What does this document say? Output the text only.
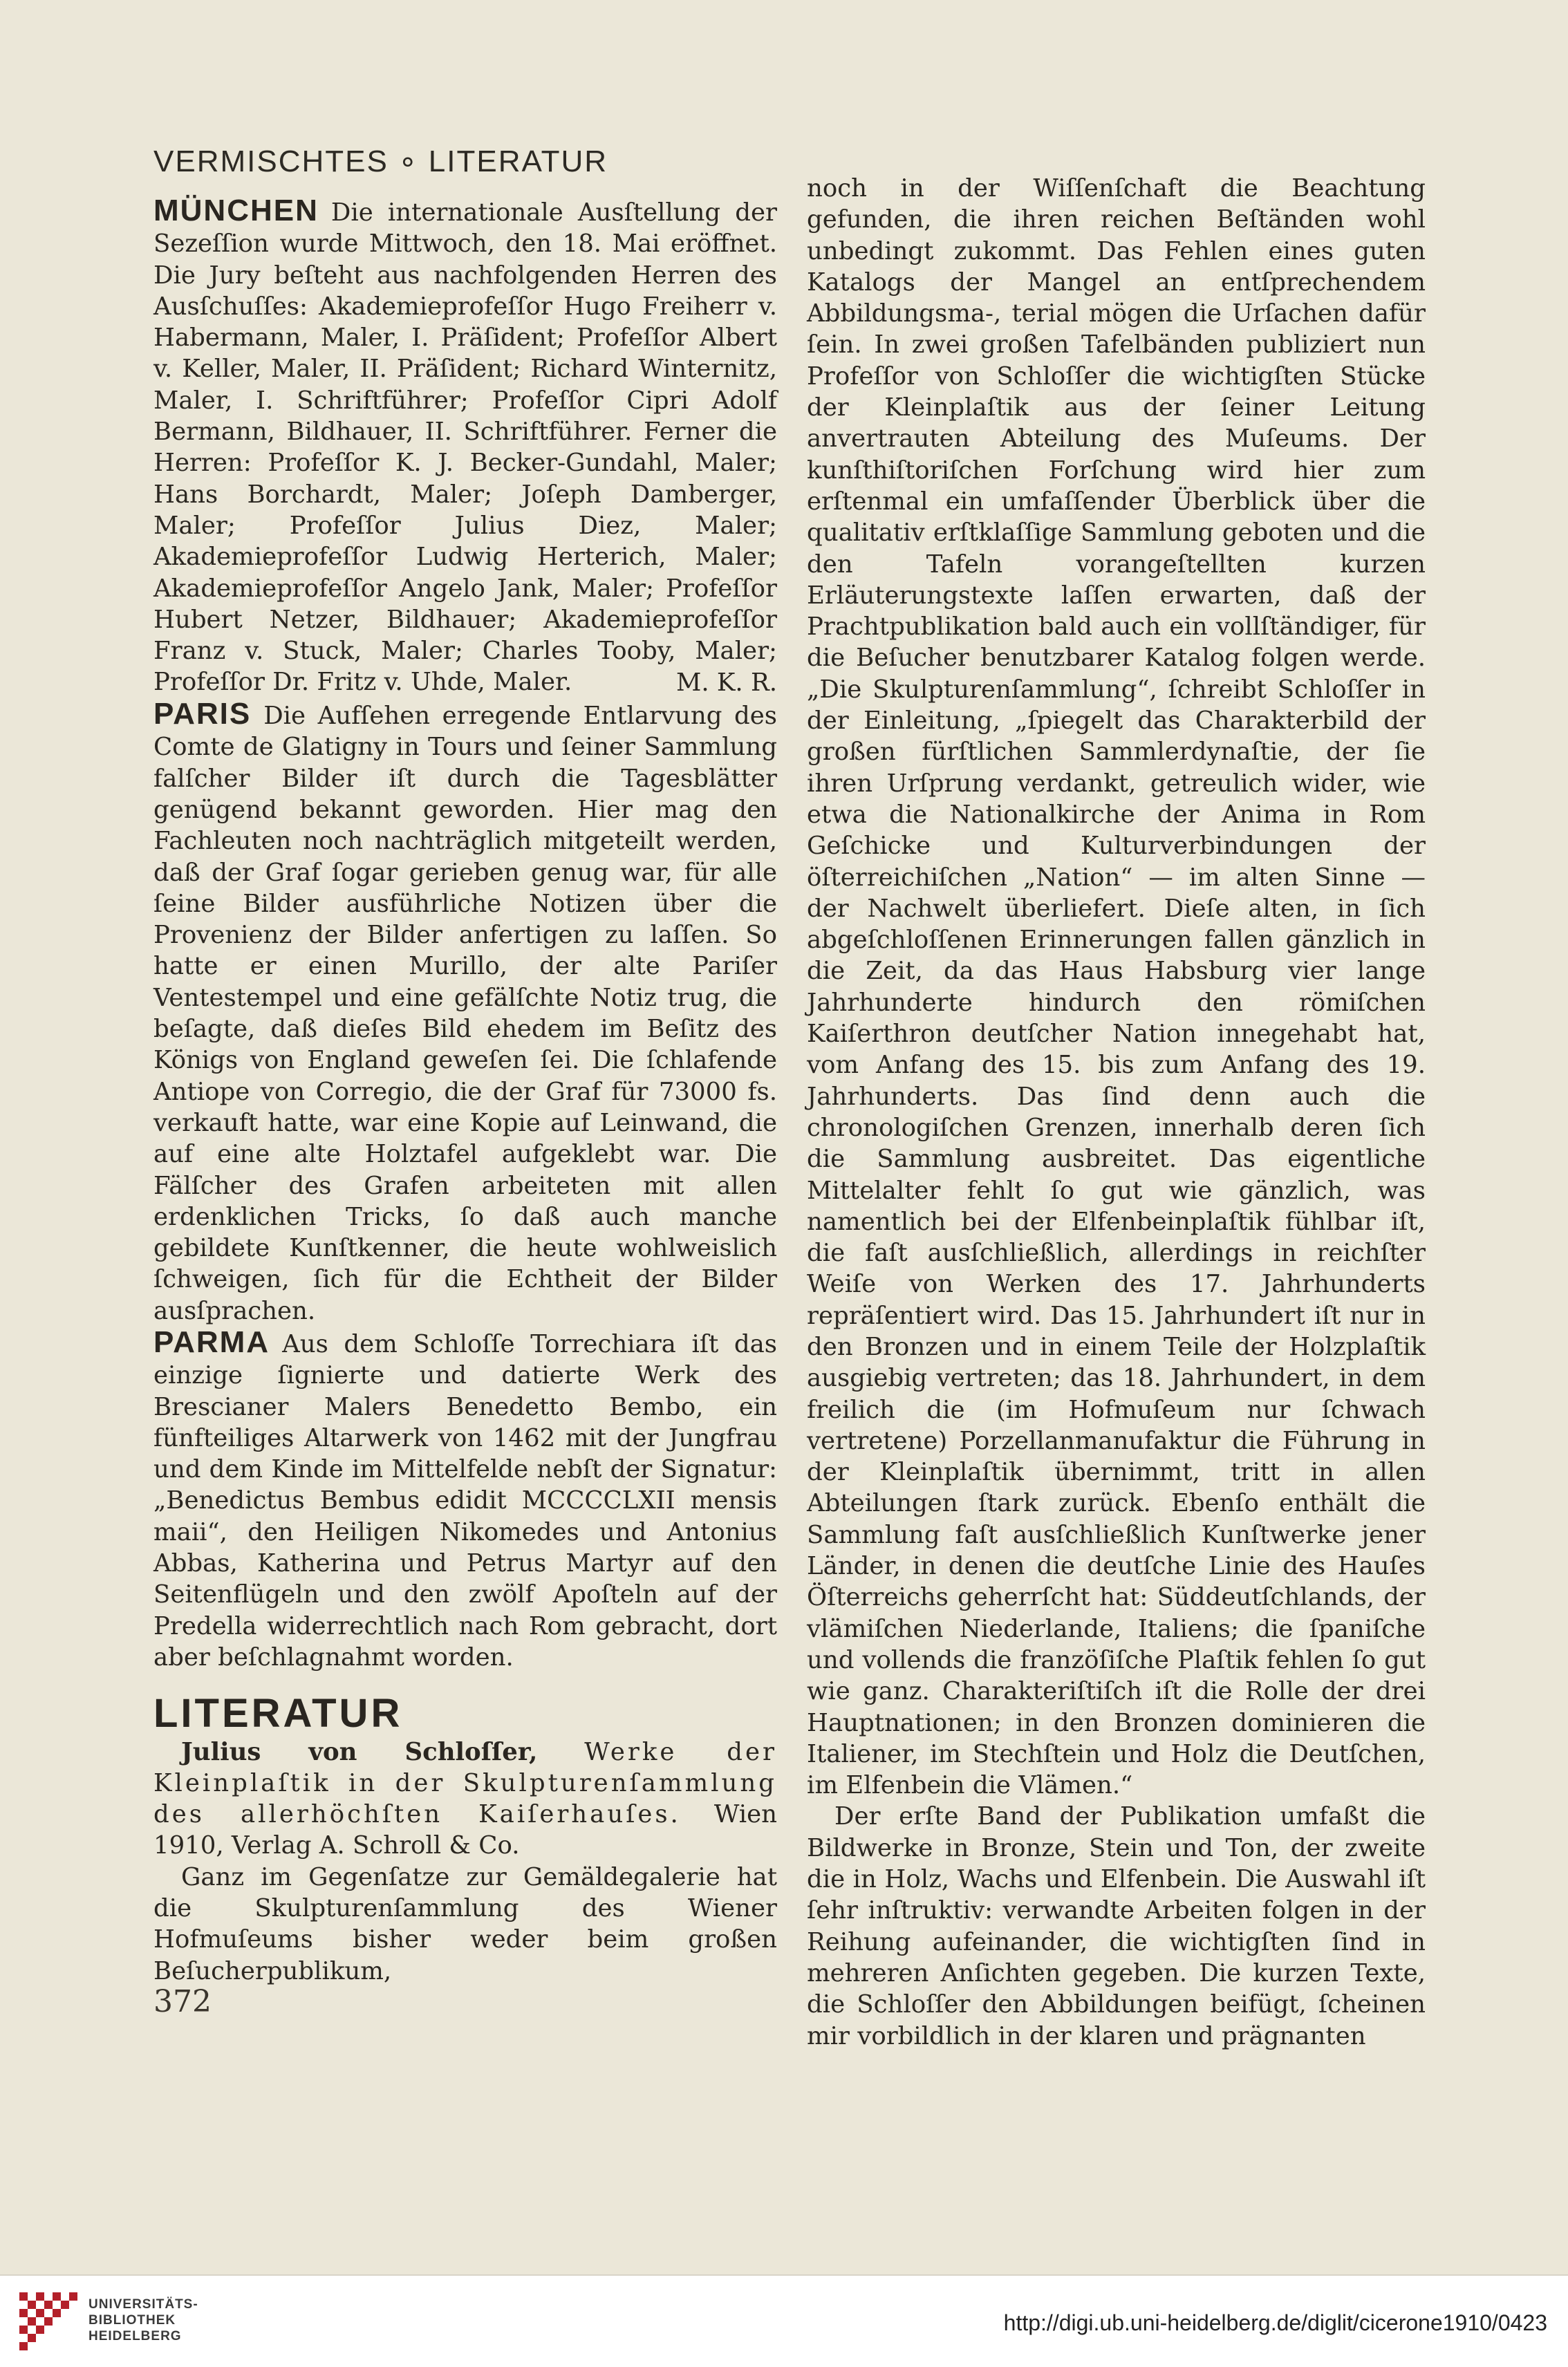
VERMISCHTES ∘ LITERATUR

MÜNCHEN Die internationale Ausſtellung der Sezeſſion wurde Mittwoch, den 18. Mai eröffnet. Die Jury beſteht aus nachfolgenden Herren des Ausſchuſſes: Akademieprofeſſor Hugo Freiherr v. Habermann, Maler, I. Präſident; Profeſſor Albert v. Keller, Maler, II. Präſident; Richard Winternitz, Maler, I. Schriftführer; Profeſſor Cipri Adolf Bermann, Bildhauer, II. Schriftführer. Ferner die Herren: Profeſſor K. J. Becker-Gundahl, Maler; Hans Borchardt, Maler; Joſeph Damberger, Maler; Profeſſor Julius Diez, Maler; Akademieprofeſſor Ludwig Herterich, Maler; Akademieprofeſſor Angelo Jank, Maler; Profeſſor Hubert Netzer, Bildhauer; Akademieprofeſſor Franz v. Stuck, Maler; Charles Tooby, Maler; Profeſſor Dr. Fritz v. Uhde, Maler.	M. K. R.

PARIS Die Aufſehen erregende Entlarvung des Comte de Glatigny in Tours und ſeiner Sammlung falſcher Bilder iſt durch die Tagesblätter genügend bekannt geworden. Hier mag den Fachleuten noch nachträglich mitgeteilt werden, daß der Graf ſogar gerieben genug war, für alle ſeine Bilder ausführliche Notizen über die Provenienz der Bilder anfertigen zu laſſen. So hatte er einen Murillo, der alte Pariſer Ventestempel und eine gefälſchte Notiz trug, die beſagte, daß dieſes Bild ehedem im Beſitz des Königs von England geweſen ſei. Die ſchlafende Antiope von Corregio, die der Graf für 73000 fs. verkauft hatte, war eine Kopie auf Leinwand, die auf eine alte Holztafel aufgeklebt war. Die Fälſcher des Grafen arbeiteten mit allen erdenklichen Tricks, ſo daß auch manche gebildete Kunſtkenner, die heute wohlweislich ſchweigen, ſich für die Echtheit der Bilder ausſprachen.

PARMA Aus dem Schloſſe Torrechiara iſt das einzige ſignierte und datierte Werk des Brescianer Malers Benedetto Bembo, ein fünfteiliges Altarwerk von 1462 mit der Jungfrau und dem Kinde im Mittelfelde nebſt der Signatur: „Benedictus Bembus edidit MCCCCLXII mensis maii“, den Heiligen Nikomedes und Antonius Abbas, Katherina und Petrus Martyr auf den Seitenflügeln und den zwölf Apoſteln auf der Predella widerrechtlich nach Rom gebracht, dort aber beſchlagnahmt worden.

LITERATUR

Julius von Schloſſer, Werke der Kleinplaſtik in der Skulpturenſammlung des allerhöchſten Kaiſerhauſes. Wien 1910, Verlag A. Schroll & Co.

Ganz im Gegenſatze zur Gemäldegalerie hat die Skulpturenſammlung des Wiener Hofmuſeums bisher weder beim großen Beſucherpublikum,

noch in der Wiſſenſchaft die Beachtung gefunden, die ihren reichen Beſtänden wohl unbedingt zukommt. Das Fehlen eines guten Katalogs der Mangel an entſprechendem Abbildungsma-, terial mögen die Urſachen dafür ſein. In zwei großen Tafelbänden publiziert nun Profeſſor von Schloſſer die wichtigſten Stücke der Kleinplaſtik aus der ſeiner Leitung anvertrauten Abteilung des Muſeums. Der kunſthiſtoriſchen Forſchung wird hier zum erſtenmal ein umfaſſender Überblick über die qualitativ erſtklaſſige Sammlung geboten und die den Tafeln vorangeſtellten kurzen Erläuterungstexte laſſen erwarten, daß der Prachtpublikation bald auch ein vollſtändiger, für die Beſucher benutzbarer Katalog folgen werde. „Die Skulpturenſammlung“, ſchreibt Schloſſer in der Einleitung, „ſpiegelt das Charakterbild der großen fürſtlichen Sammlerdynaſtie, der ſie ihren Urſprung verdankt, getreulich wider, wie etwa die Nationalkirche der Anima in Rom Geſchicke und Kulturverbindungen der öſterreichiſchen „Nation“ — im alten Sinne — der Nachwelt überliefert. Dieſe alten, in ſich abgeſchloſſenen Erinnerungen fallen gänzlich in die Zeit, da das Haus Habsburg vier lange Jahrhunderte hindurch den römiſchen Kaiſerthron deutſcher Nation innegehabt hat, vom Anfang des 15. bis zum Anfang des 19. Jahrhunderts. Das ſind denn auch die chronologiſchen Grenzen, innerhalb deren ſich die Sammlung ausbreitet. Das eigentliche Mittelalter fehlt ſo gut wie gänzlich, was namentlich bei der Elfenbeinplaſtik fühlbar iſt, die faſt ausſchließlich, allerdings in reichſter Weiſe von Werken des 17. Jahrhunderts repräſentiert wird. Das 15. Jahrhundert iſt nur in den Bronzen und in einem Teile der Holzplaſtik ausgiebig vertreten; das 18. Jahrhundert, in dem freilich die (im Hofmuſeum nur ſchwach vertretene) Porzellanmanufaktur die Führung in der Kleinplaſtik übernimmt, tritt in allen Abteilungen ſtark zurück. Ebenſo enthält die Sammlung faſt ausſchließlich Kunſtwerke jener Länder, in denen die deutſche Linie des Hauſes Öſterreichs geherrſcht hat: Süddeutſchlands, der vlämiſchen Niederlande, Italiens; die ſpaniſche und vollends die franzöſiſche Plaſtik fehlen ſo gut wie ganz. Charakteriſtiſch iſt die Rolle der drei Hauptnationen; in den Bronzen dominieren die Italiener, im Stechſtein und Holz die Deutſchen, im Elfenbein die Vlämen.“

Der erſte Band der Publikation umfaßt die Bildwerke in Bronze, Stein und Ton, der zweite die in Holz, Wachs und Elfenbein. Die Auswahl iſt ſehr inſtruktiv: verwandte Arbeiten folgen in der Reihung aufeinander, die wichtigſten ſind in mehreren Anſichten gegeben. Die kurzen Texte, die Schloſſer den Abbildungen beifügt, ſcheinen mir vorbildlich in der klaren und prägnanten

372
UNIVERSITÄTS-
BIBLIOTHEK
HEIDELBERG
http://digi.ub.uni-heidelberg.de/diglit/cicerone1910/0423
